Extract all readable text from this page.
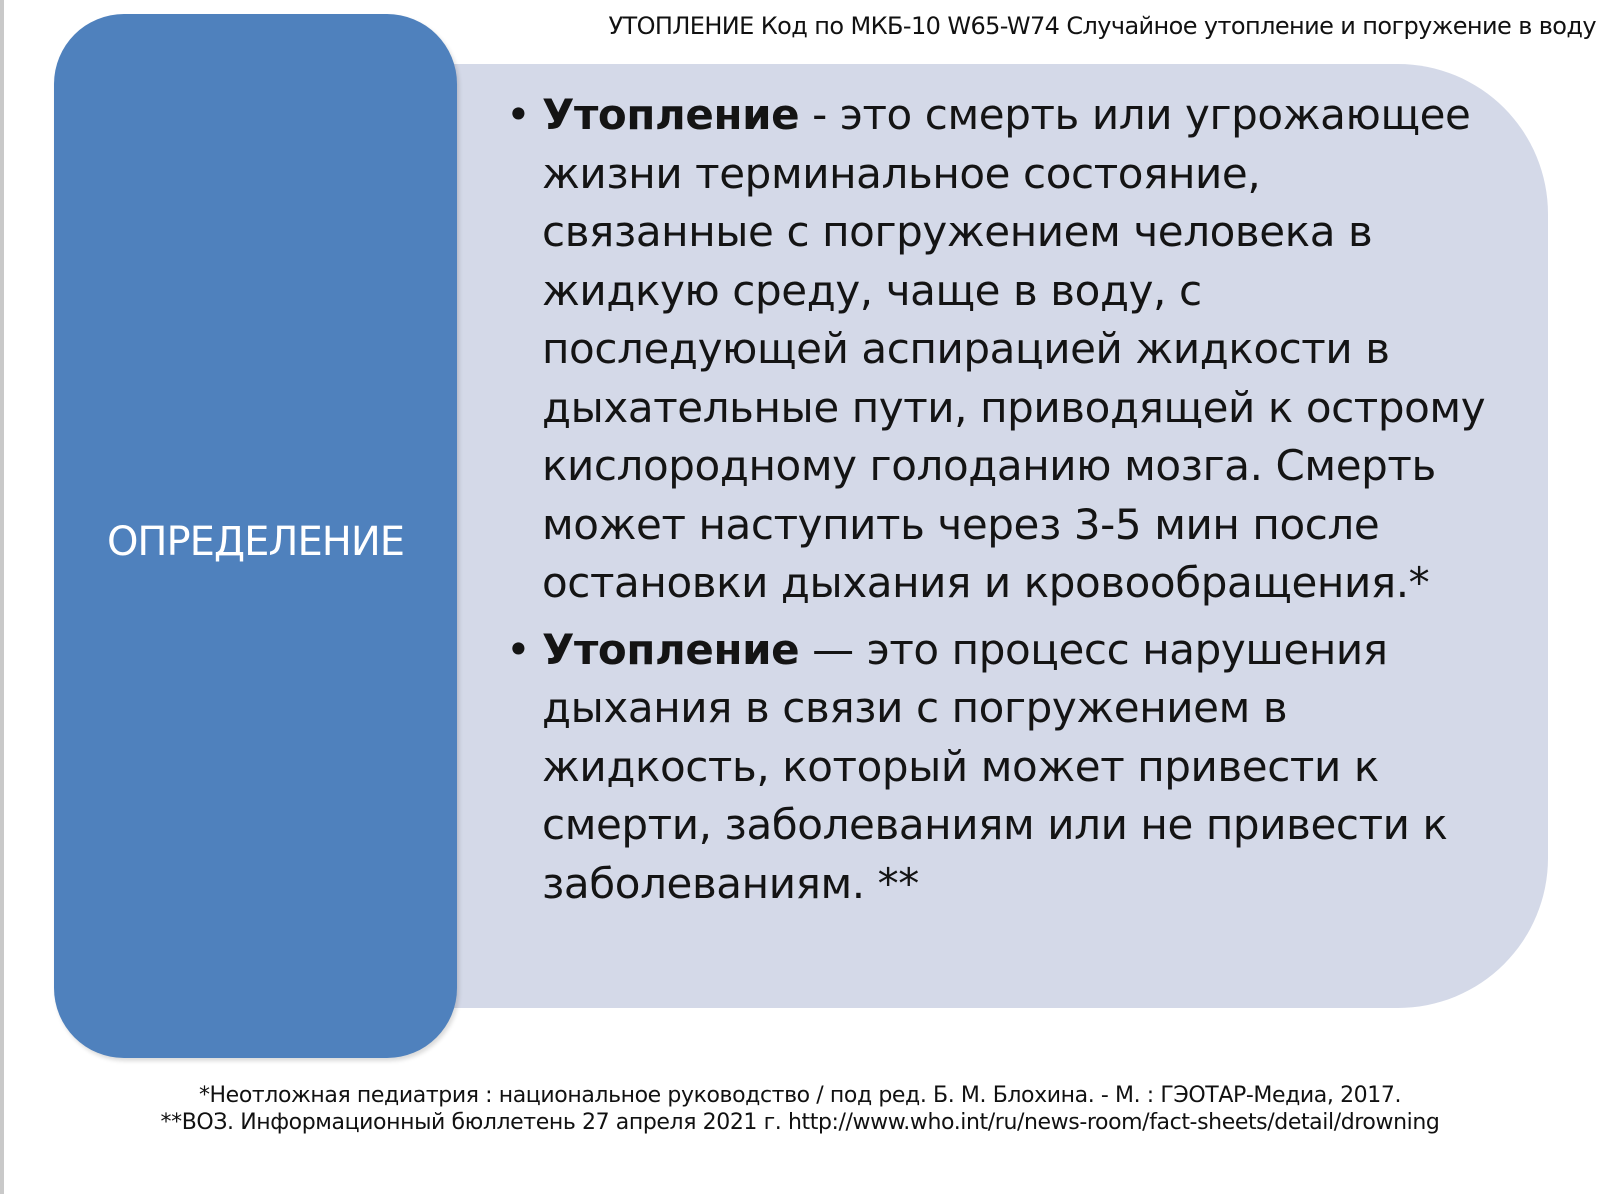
УТОПЛЕНИЕ Код по МКБ-10 W65-W74 Случайное утопление и погружение в воду
ОПРЕДЕЛЕНИЕ
• Утопление - это смерть или угрожающее жизни терминальное состояние, связанные с погружением человека в жидкую среду, чаще в воду, с последующей аспирацией жидкости в дыхательные пути, приводящей к острому кислородному голоданию мозга. Смерть может наступить через 3-5 мин после остановки дыхания и кровообращения.*
• Утопление — это процесс нарушения дыхания в связи с погружением в жидкость, который может привести к смерти, заболеваниям или не привести к заболеваниям. **
*Неотложная педиатрия : национальное руководство / под ред. Б. М. Блохина. - М. : ГЭОТАР-Медиа, 2017.
**ВОЗ. Информационный бюллетень 27 апреля 2021 г. http://www.who.int/ru/news-room/fact-sheets/detail/drowning
